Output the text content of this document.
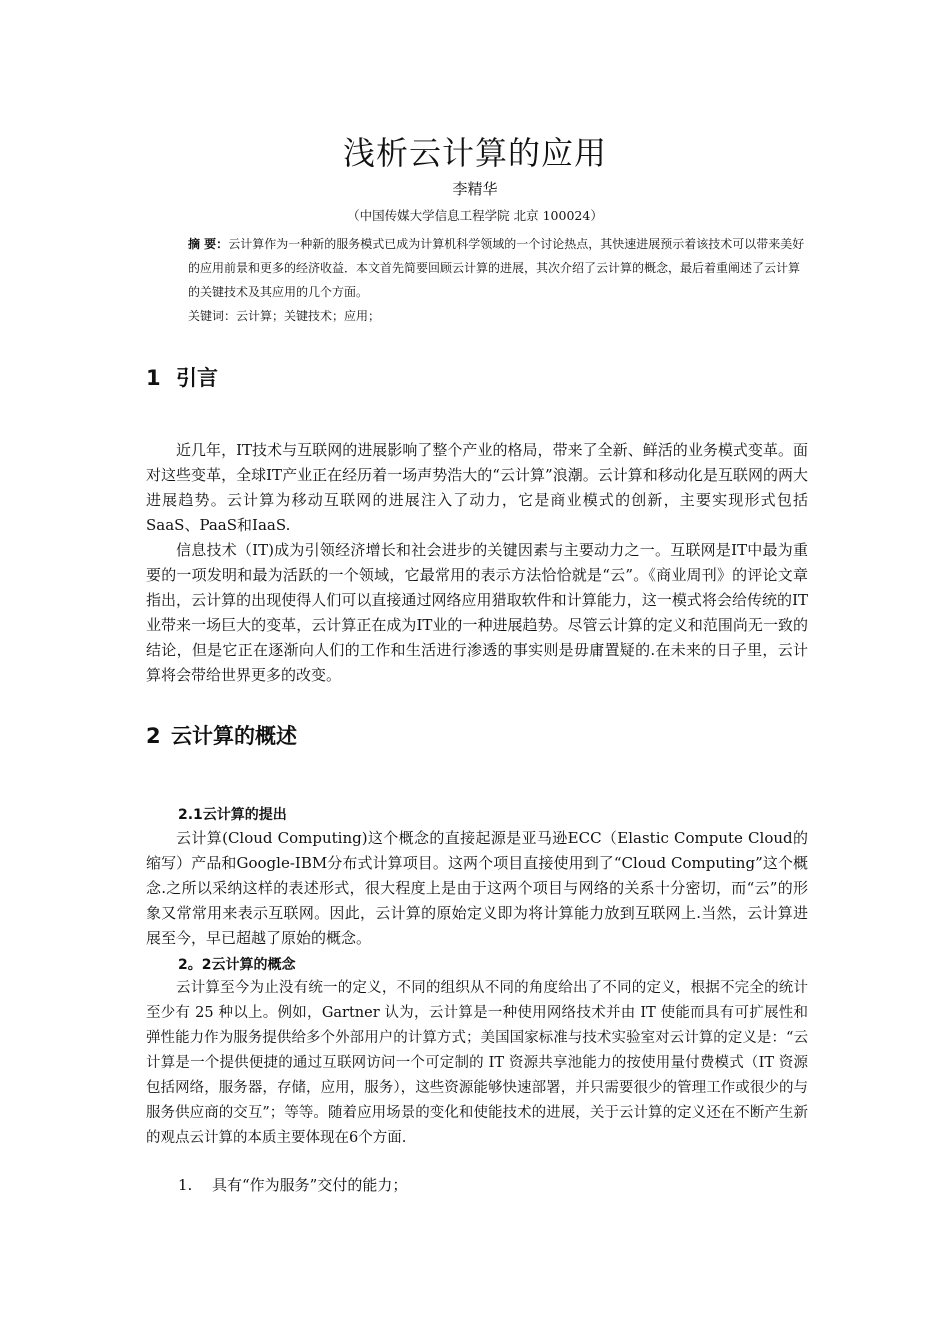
浅析云计算的应用
李精华
（中国传媒大学信息工程学院 北京 100024）
摘 要：云计算作为一种新的服务模式已成为计算机科学领域的一个讨论热点，其快速进展预示着该技术可以带来美好的应用前景和更多的经济收益．本文首先简要回顾云计算的进展，其次介绍了云计算的概念，最后着重阐述了云计算的关键技术及其应用的几个方面。
关键词：云计算；关键技术；应用；
1 引言

近几年，IT技术与互联网的进展影响了整个产业的格局，带来了全新、鲜活的业务模式变革。面对这些变革，全球IT产业正在经历着一场声势浩大的“云计算”浪潮。云计算和移动化是互联网的两大进展趋势。云计算为移动互联网的进展注入了动力，它是商业模式的创新，主要实现形式包括SaaS、PaaS和IaaS.

信息技术（IT)成为引领经济增长和社会进步的关键因素与主要动力之一。互联网是IT中最为重要的一项发明和最为活跃的一个领域，它最常用的表示方法恰恰就是“云”。《商业周刊》的评论文章指出，云计算的出现使得人们可以直接通过网络应用猎取软件和计算能力，这一模式将会给传统的IT业带来一场巨大的变革，云计算正在成为IT业的一种进展趋势。尽管云计算的定义和范围尚无一致的结论，但是它正在逐渐向人们的工作和生活进行渗透的事实则是毋庸置疑的.在未来的日子里，云计算将会带给世界更多的改变。

2 云计算的概述
2.1云计算的提出

云计算(Cloud Computing)这个概念的直接起源是亚马逊ECC（Elastic Compute Cloud的缩写）产品和Google-IBM分布式计算项目。这两个项目直接使用到了“Cloud Computing”这个概念.之所以采纳这样的表述形式，很大程度上是由于这两个项目与网络的关系十分密切，而“云”的形象又常常用来表示互联网。因此，云计算的原始定义即为将计算能力放到互联网上.当然，云计算进展至今，早已超越了原始的概念。

2。2云计算的概念

云计算至今为止没有统一的定义，不同的组织从不同的角度给出了不同的定义，根据不完全的统计至少有 25 种以上。例如，Gartner 认为，云计算是一种使用网络技术并由 IT 使能而具有可扩展性和弹性能力作为服务提供给多个外部用户的计算方式；美国国家标准与技术实验室对云计算的定义是：“云计算是一个提供便捷的通过互联网访问一个可定制的 IT 资源共享池能力的按使用量付费模式（IT 资源包括网络，服务器，存储，应用，服务），这些资源能够快速部署，并只需要很少的管理工作或很少的与服务供应商的交互”；等等。随着应用场景的变化和使能技术的进展，关于云计算的定义还在不断产生新的观点云计算的本质主要体现在6个方面.

1. 具有“作为服务”交付的能力；
